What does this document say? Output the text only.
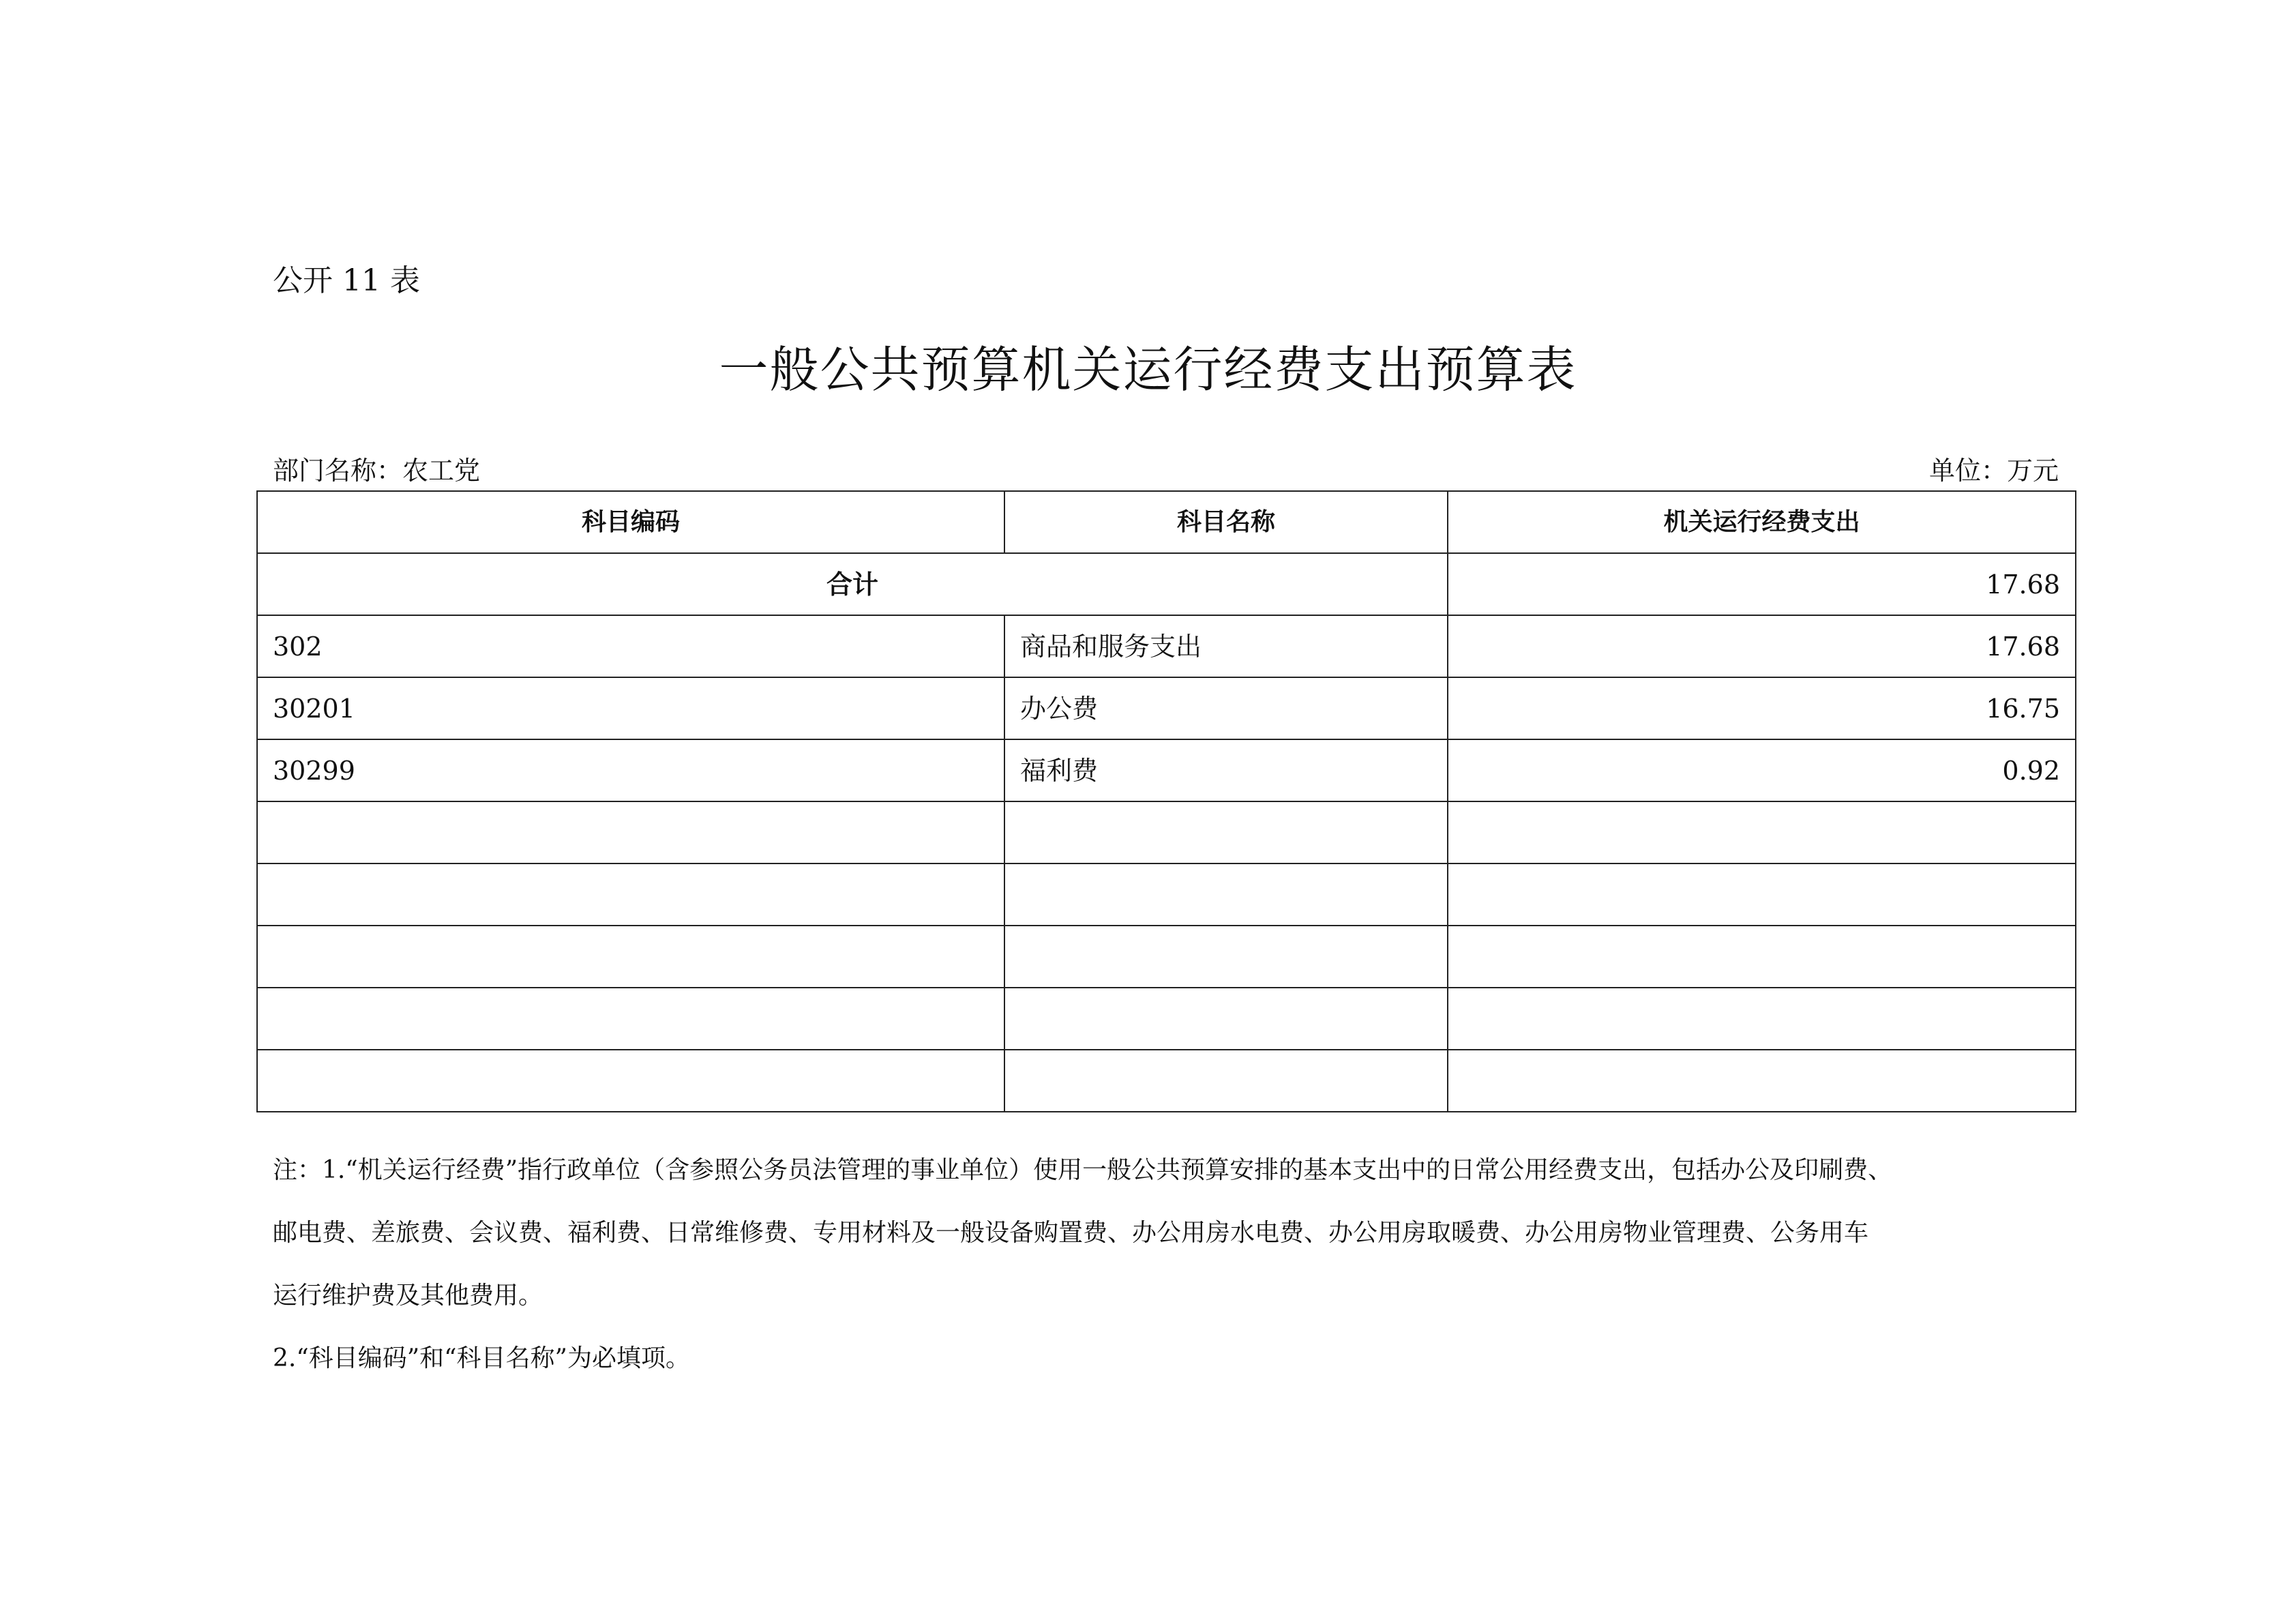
公开 11 表
一般公共预算机关运行经费支出预算表
部门名称：农工党	单位：万元
科目编码	科目名称	机关运行经费支出
合计		17.68
302	商品和服务支出	17.68
30201	办公费	16.75
30299	福利费	0.92

注：1.“机关运行经费”指行政单位（含参照公务员法管理的事业单位）使用一般公共预算安排的基本支出中的日常公用经费支出，包括办公及印刷费、

邮电费、差旅费、会议费、福利费、日常维修费、专用材料及一般设备购置费、办公用房水电费、办公用房取暖费、办公用房物业管理费、公务用车

运行维护费及其他费用。

2.“科目编码”和“科目名称”为必填项。
